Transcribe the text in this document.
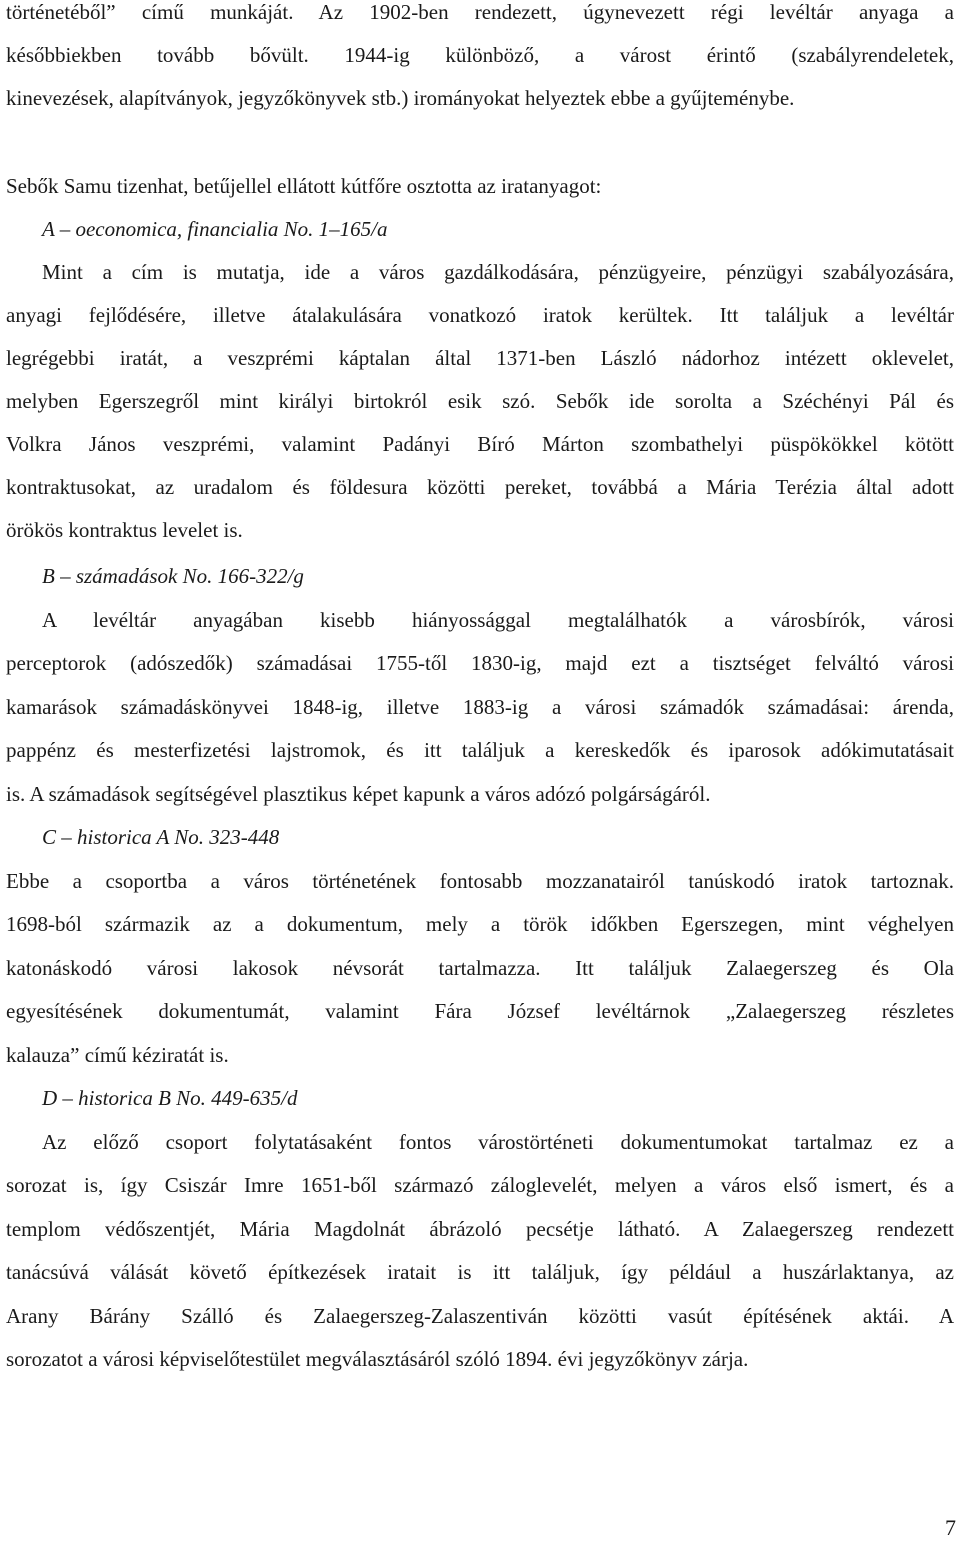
történetéből” című munkáját. Az 1902-ben rendezett, úgynevezett régi levéltár anyaga a
későbbiekben tovább bővült. 1944-ig különböző, a várost érintő (szabályrendeletek,
kinevezések, alapítványok, jegyzőkönyvek stb.) irományokat helyeztek ebbe a gyűjteménybe.
Sebők Samu tizenhat, betűjellel ellátott kútfőre osztotta az iratanyagot:
A – oeconomica, financialia No. 1–165/a
Mint a cím is mutatja, ide a város gazdálkodására, pénzügyeire, pénzügyi szabályozására,
anyagi fejlődésére, illetve átalakulására vonatkozó iratok kerültek. Itt találjuk a levéltár
legrégebbi iratát, a veszprémi káptalan által 1371-ben László nádorhoz intézett oklevelet,
melyben Egerszegről mint királyi birtokról esik szó. Sebők ide sorolta a Széchényi Pál és
Volkra János veszprémi, valamint Padányi Bíró Márton szombathelyi püspökökkel kötött
kontraktusokat, az uradalom és földesura közötti pereket, továbbá a Mária Terézia által adott
örökös kontraktus levelet is.
B – számadások No. 166-322/g
A levéltár anyagában kisebb hiányossággal megtalálhatók a városbírók, városi
perceptorok (adószedők) számadásai 1755-től 1830-ig, majd ezt a tisztséget felváltó városi
kamarások számadáskönyvei 1848-ig, illetve 1883-ig a városi számadók számadásai: árenda,
pappénz és mesterfizetési lajstromok, és itt találjuk a kereskedők és iparosok adókimutatásait
is. A számadások segítségével plasztikus képet kapunk a város adózó polgárságáról.
C – historica A No. 323-448
Ebbe a csoportba a város történetének fontosabb mozzanatairól tanúskodó iratok tartoznak.
1698-ból származik az a dokumentum, mely a török időkben Egerszegen, mint véghelyen
katonáskodó városi lakosok névsorát tartalmazza. Itt találjuk Zalaegerszeg és Ola
egyesítésének dokumentumát, valamint Fára József levéltárnok „Zalaegerszeg részletes
kalauza” című kéziratát is.
D – historica B No. 449-635/d
Az előző csoport folytatásaként fontos várostörténeti dokumentumokat tartalmaz ez a
sorozat is, így Csiszár Imre 1651-ből származó záloglevelét, melyen a város első ismert, és a
templom védőszentjét, Mária Magdolnát ábrázoló pecsétje látható. A Zalaegerszeg rendezett
tanácsúvá válását követő építkezések iratait is itt találjuk, így például a huszárlaktanya, az
Arany Bárány Szálló és Zalaegerszeg-Zalaszentiván közötti vasút építésének aktái. A
sorozatot a városi képviselőtestület megválasztásáról szóló 1894. évi jegyzőkönyv zárja.
7
